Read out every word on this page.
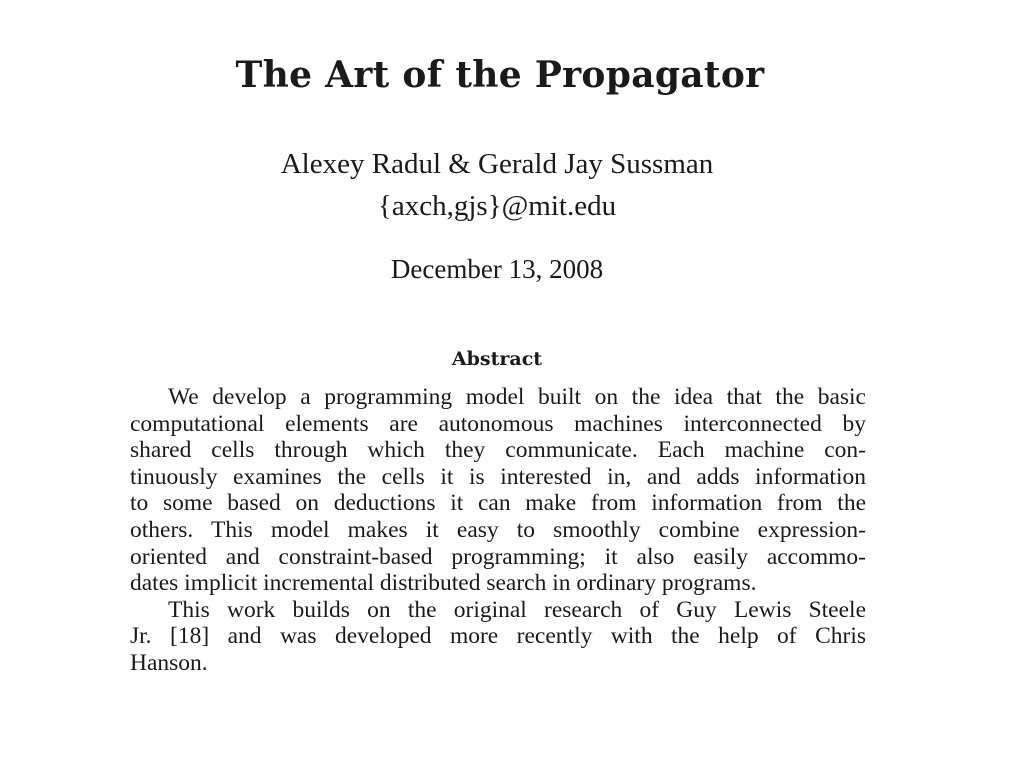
The Art of the Propagator

Alexey Radul & Gerald Jay Sussman

{axch,gjs}@mit.edu

December 13, 2008

Abstract
We develop a programming model built on the idea that the basic
computational elements are autonomous machines interconnected by
shared cells through which they communicate. Each machine con-
tinuously examines the cells it is interested in, and adds information
to some based on deductions it can make from information from the
others. This model makes it easy to smoothly combine expression-
oriented and constraint-based programming; it also easily accommo-
dates implicit incremental distributed search in ordinary programs.
This work builds on the original research of Guy Lewis Steele
Jr. [18] and was developed more recently with the help of Chris
Hanson.
